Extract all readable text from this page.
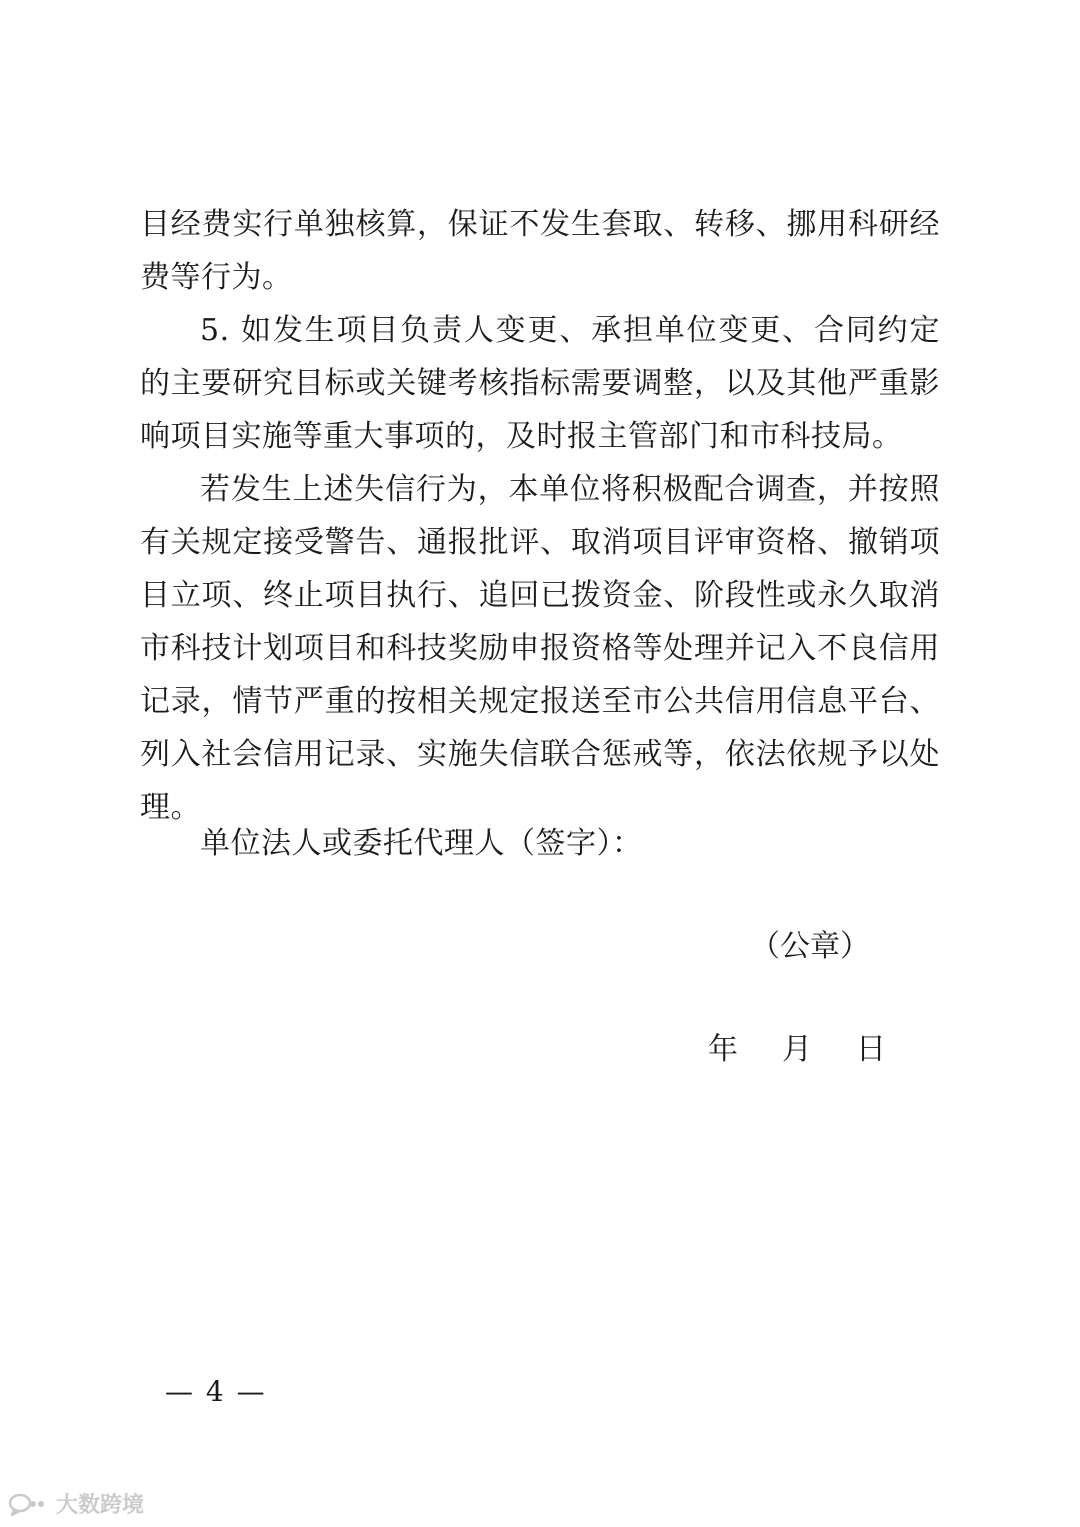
目经费实行单独核算，保证不发生套取、转移、挪用科研经费等行为。

5. 如发生项目负责人变更、承担单位变更、合同约定的主要研究目标或关键考核指标需要调整，以及其他严重影响项目实施等重大事项的，及时报主管部门和市科技局。

若发生上述失信行为，本单位将积极配合调查，并按照有关规定接受警告、通报批评、取消项目评审资格、撤销项目立项、终止项目执行、追回已拨资金、阶段性或永久取消市科技计划项目和科技奖励申报资格等处理并记入不良信用记录，情节严重的按相关规定报送至市公共信用信息平台、列入社会信用记录、实施失信联合惩戒等，依法依规予以处理。

单位法人或委托代理人（签字）：
（公章）
年 月 日
— 4 —
大数跨境
